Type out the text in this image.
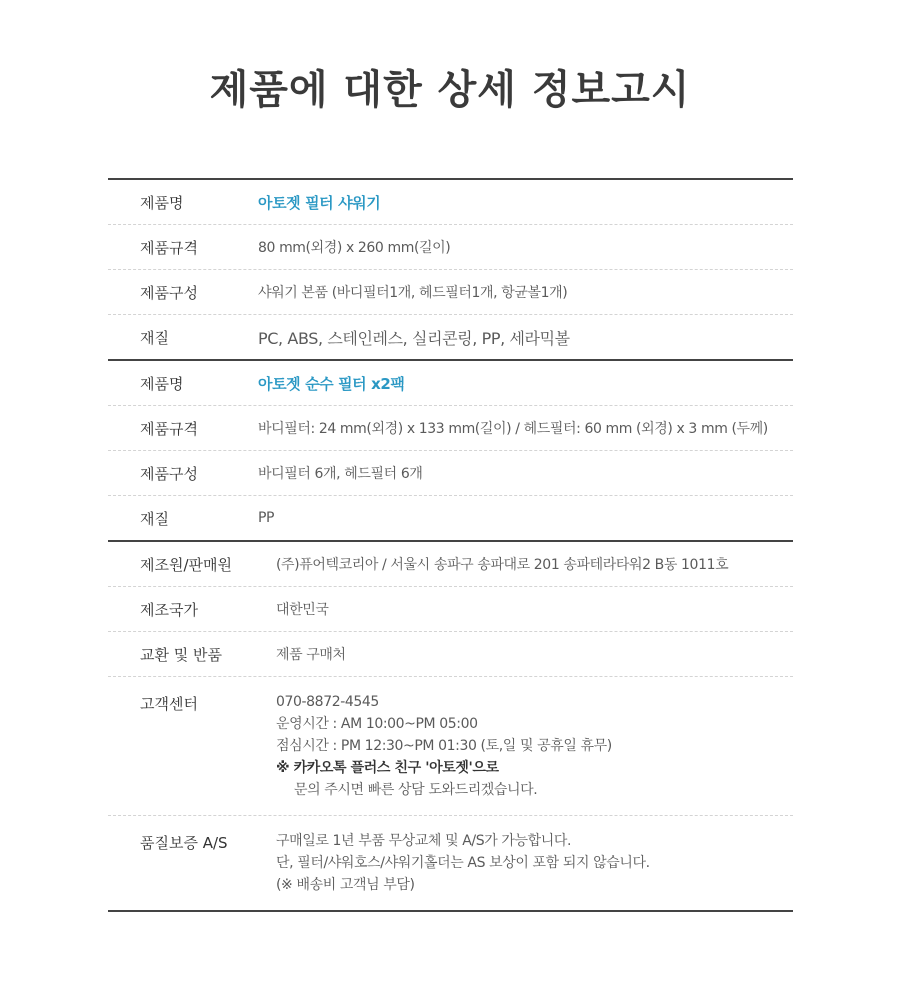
제품에 대한 상세 정보고시
제품명	아토젯 필터 샤워기
제품규격	80 mm(외경) x 260 mm(길이)
제품구성	샤워기 본품 (바디필터1개, 헤드필터1개, 항균볼1개)
재질	PC, ABS, 스테인레스, 실리콘링, PP, 세라믹볼
제품명	아토젯 순수 필터 x2팩
제품규격	바디필터: 24 mm(외경) x 133 mm(길이) / 헤드필터: 60 mm (외경) x 3 mm (두께)
제품구성	바디필터 6개, 헤드필터 6개
재질	PP
제조원/판매원	(주)퓨어텍코리아 / 서울시 송파구 송파대로 201 송파테라타워2 B동 1011호
제조국가	대한민국
교환 및 반품	제품 구매처
고객센터	070-8872-4545
운영시간 : AM 10:00~PM 05:00
점심시간 : PM 12:30~PM 01:30 (토,일 및 공휴일 휴무)
※ 카카오톡 플러스 친구 '아토젯'으로
문의 주시면 빠른 상담 도와드리겠습니다.
품질보증 A/S	구매일로 1년 부품 무상교체 및 A/S가 가능합니다.
단, 필터/샤워호스/샤워기홀더는 AS 보상이 포함 되지 않습니다.
(※ 배송비 고객님 부담)
